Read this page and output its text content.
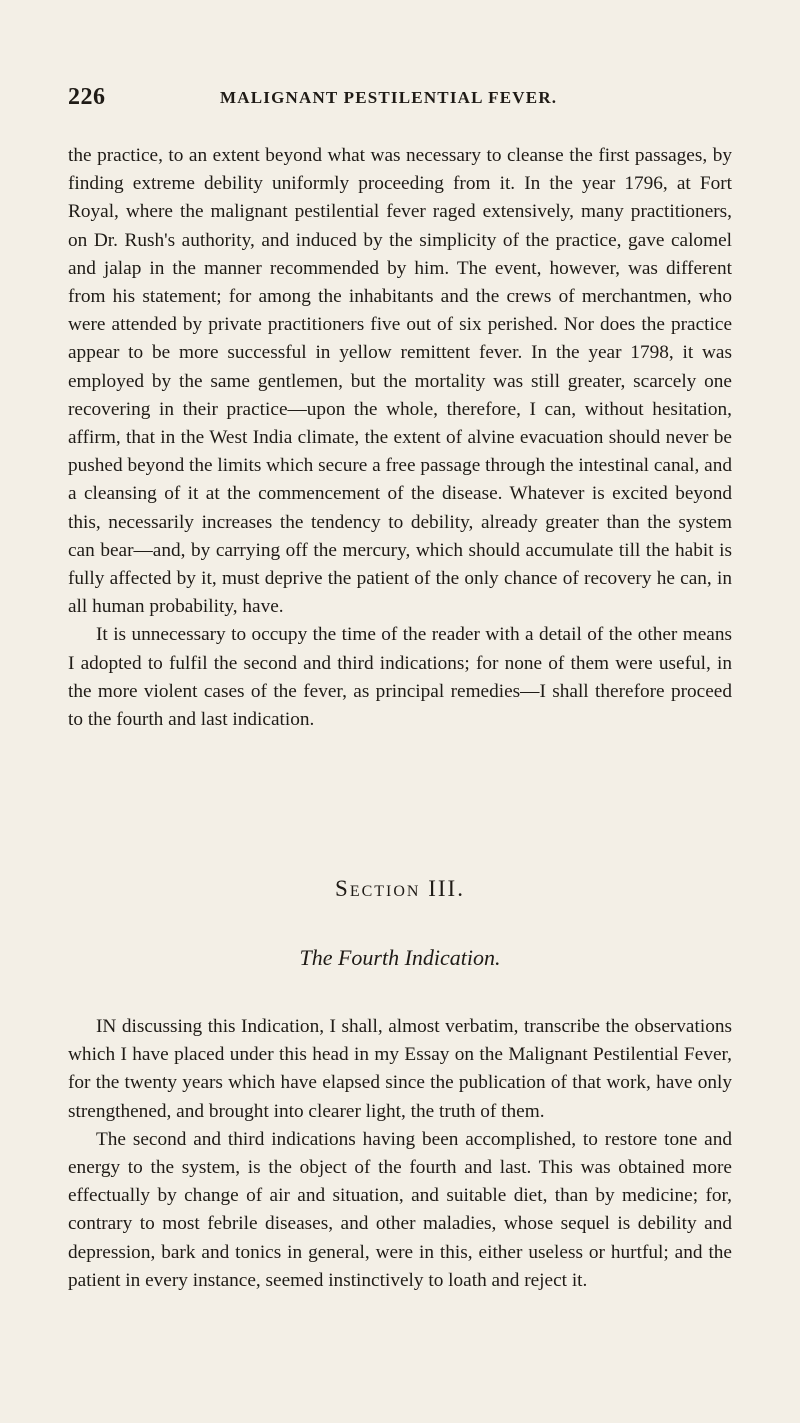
226	MALIGNANT PESTILENTIAL FEVER.

the practice, to an extent beyond what was necessary to cleanse the first passages, by finding extreme debility uniformly proceeding from it. In the year 1796, at Fort Royal, where the malignant pestilential fever raged extensively, many practitioners, on Dr. Rush's authority, and induced by the simplicity of the practice, gave calomel and jalap in the manner recommended by him. The event, however, was different from his statement; for among the inhabitants and the crews of merchantmen, who were attended by private practitioners five out of six perished. Nor does the practice appear to be more successful in yellow remittent fever. In the year 1798, it was employed by the same gentlemen, but the mortality was still greater, scarcely one recovering in their practice—upon the whole, therefore, I can, without hesitation, affirm, that in the West India climate, the extent of alvine evacuation should never be pushed beyond the limits which secure a free passage through the intestinal canal, and a cleansing of it at the commencement of the disease. Whatever is excited beyond this, necessarily increases the tendency to debility, already greater than the system can bear—and, by carrying off the mercury, which should accumulate till the habit is fully affected by it, must deprive the patient of the only chance of recovery he can, in all human probability, have.

It is unnecessary to occupy the time of the reader with a detail of the other means I adopted to fulfil the second and third indications; for none of them were useful, in the more violent cases of the fever, as principal remedies—I shall therefore proceed to the fourth and last indication.

Section III.
The Fourth Indication.

IN discussing this Indication, I shall, almost verbatim, transcribe the observations which I have placed under this head in my Essay on the Malignant Pestilential Fever, for the twenty years which have elapsed since the publication of that work, have only strengthened, and brought into clearer light, the truth of them.

The second and third indications having been accomplished, to restore tone and energy to the system, is the object of the fourth and last. This was obtained more effectually by change of air and situation, and suitable diet, than by medicine; for, contrary to most febrile diseases, and other maladies, whose sequel is debility and depression, bark and tonics in general, were in this, either useless or hurtful; and the patient in every instance, seemed instinctively to loath and reject it.
